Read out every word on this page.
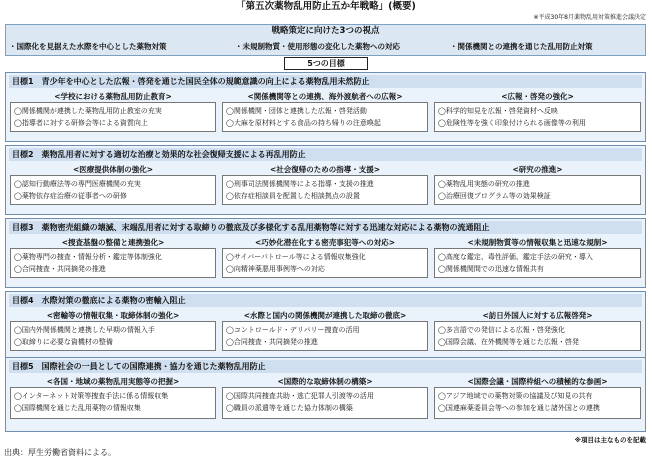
「第五次薬物乱用防止五か年戦略」(概要)
※平成30年8月薬物乱用対策推進会議決定
戦略策定に向けた3つの視点
・国際化を見据えた水際を中心とした薬物対策	・未規制物質・使用形態の変化した薬物への対応	・関係機関との連携を通じた乱用防止対策
5つの目標
目標1　青少年を中心とした広報・啓発を通じた国民全体の規範意識の向上による薬物乱用未然防止
<学校における薬物乱用防止教育>
◯関係機関が連携した薬物乱用防止教室の充実
◯指導者に対する研修会等による資質向上
<関係機関等との連携、海外渡航者への広報>
◯関係機関・団体と連携した広報・啓発活動
◯大麻を原材料とする食品の持ち帰りの注意喚起
<広報・啓発の強化>
◯科学的知見を広報・啓発資材へ反映
◯危険性等を強く印象付けられる画像等の利用
目標2　薬物乱用者に対する適切な治療と効果的な社会復帰支援による再乱用防止
<医療提供体制の強化>
◯認知行動療法等の専門医療機関の充実
◯薬物依存症治療の従事者への研修
<社会復帰のための指導・支援>
◯刑事司法関係機関等による指導・支援の推進
◯依存症相談員を配置した相談拠点の設置
<研究の推進>
◯薬物乱用実態の研究の推進
◯治療回復プログラム等の効果検証
目標3　薬物密売組織の壊滅、末端乱用者に対する取締りの徹底及び多様化する乱用薬物等に対する迅速な対応による薬物の流通阻止
<捜査基盤の整備と連携強化>
◯薬物専門の捜査・情報分析・鑑定等体制強化
◯合同捜査・共同摘発の推進
<巧妙化潜在化する密売事犯等への対応>
◯サイバーパトロール等による情報収集強化
◯向精神薬悪用事例等への対応
<未規制物質等の情報収集と迅速な規制>
◯高度な鑑定、毒性評価、鑑定手法の研究・導入
◯関係機関間での迅速な情報共有
目標4　水際対策の徹底による薬物の密輸入阻止
<密輸等の情報収集・取締体制の強化>
◯国内外関係機関と連携した早期の情報入手
◯取締りに必要な資機材の整備
<水際と国内の関係機関が連携した取締の徹底>
◯コントロールド・デリバリー捜査の活用
◯合同捜査・共同摘発の推進
<訪日外国人に対する広報啓発>
◯多言語での発信による広報・啓発強化
◯国際会議、在外機関等を通じた広報・啓発
目標5　国際社会の一員としての国際連携・協力を通じた薬物乱用防止
<各国・地域の薬物乱用実態等の把握>
◯インターネット対策等捜査手法に係る情報収集
◯国際機関を通じた乱用薬物の情報収集
<国際的な取締体制の構築>
◯国際共同捜査共助・逃亡犯罪人引渡等の活用
◯職員の派遣等を通じた協力体制の構築
<国際会議・国際枠組への積極的な参画>
◯アジア地域での薬物対策の協議及び知見の共有
◯国連麻薬委員会等への参加を通じ諸外国との連携
※項目は主なものを記載
出典：厚生労働省資料による。
